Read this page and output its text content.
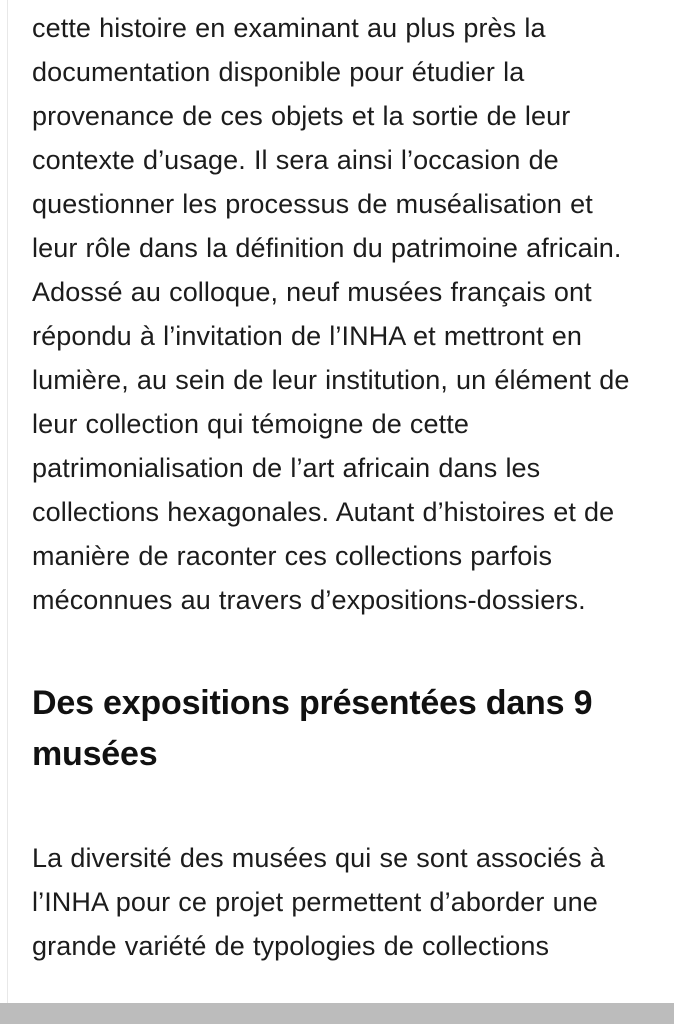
cette histoire en examinant au plus près la documentation disponible pour étudier la provenance de ces objets et la sortie de leur contexte d’usage. Il sera ainsi l’occasion de questionner les processus de muséalisation et leur rôle dans la définition du patrimoine africain. Adossé au colloque, neuf musées français ont répondu à l’invitation de l’INHA et mettront en lumière, au sein de leur institution, un élément de leur collection qui témoigne de cette patrimonialisation de l’art africain dans les collections hexagonales. Autant d’histoires et de manière de raconter ces collections parfois méconnues au travers d’expositions-dossiers.

Des expositions présentées dans 9 musées

La diversité des musées qui se sont associés à l’INHA pour ce projet permettent d’aborder une grande variété de typologies de collections
